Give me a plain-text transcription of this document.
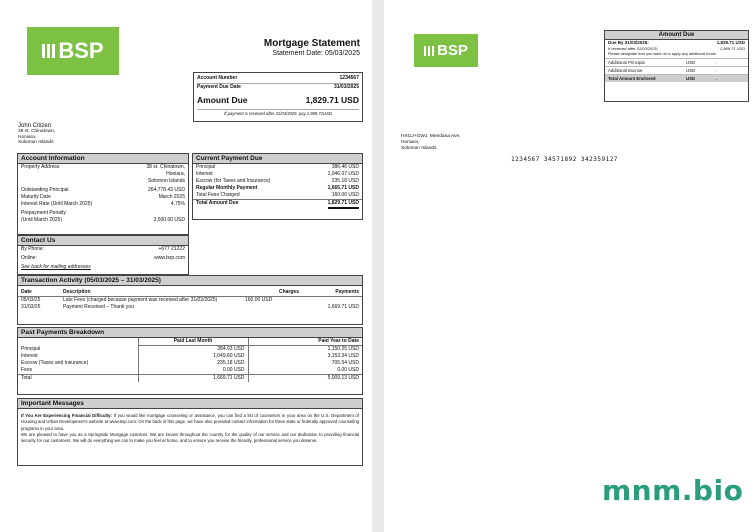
BSP	Mortgage Statement
Statement Date: 05/03/2025
Account Number	1234567
Payment Due Date	31/03/2025
Amount Due	1,829.71 USD
If payment is received after 31/03/2025, pay 1,989.71USD
John Citizen
38 st. Chinatown,
Honiara,
Solomon Islands
Account Information
Property Address	38 st. Chinatown,
Honiara,
Solomon Islands
Outstanding Principal	264,778.43 USD
Maturity Date	March 2025
Interest Rate (Until March 2025)	4.75%
Prepayment Penalty
(Until March 2025)	3,500.00 USD
Contact Us
By Phone:	+677 21222
Online:	www.bsp.com
See back for mailing addresses
Current Payment Due
Principal	386.46 USD
Interest	1,046.07 USD
Escrow (for Taxes and Insurance)	235.18 USD
Regular Monthly Payment	1,665.71 USD
Total Fees Charged	160.00 USD
Total Amount Due	1,829.71 USD
Transaction Activity (05/03/2025 – 31/03/2025)
Date	Description	Charges	Payments

05/03/25	Late Fees (charged because payment was received after 31/03/2025)	160.00 USD	
31/03/25	Payment Received – Thank you		1,669.71 USD
Past Payments Breakdown
	Paid Last Month	Paid Year to Date
Principal	384.93 USD	1,150.25 USD
Interest	1,049.60 USD	3,153.34 USD
Escrow (Taxes and Insurance)	235.18 USD	705.54 USD
Fees	0.00 USD	0.00 USD
Total	1,669.71 USD	5,009.13 USD
Important Messages
If You Are Experiencing Financial Difficulty: If you would like mortgage counseling or assistance, you can find a list of counselors in your area on the U.S. Department of Housing and Urban Development's website at www.bsp.com. On the back of this page, we have also provided contact information for three state or federally approved counseling programs in your area.
We are pleased to have you as a Springside Mortgage customer. We are known throughout the country for the quality of our service and our dedication to providing financial security for our customers. We will do everything we can to make you feel at home, and to ensure you receive the friendly, professional service you deserve.
BSP
Amount Due
Due By 31/03/2025:	1,829.71 USD
If received after 31/03/2025:	1,989.71 USD
Please designate how you want us to apply any additional funds:
Additional Principal	USD	.
Additional Escrow	USD	.
Total Amount Enclosed	USD	.
HXGJ+GWJ, Mendana Ave,
Honiara,
Solomon Islands
1234567 34571892 342359127
mnm.bio
